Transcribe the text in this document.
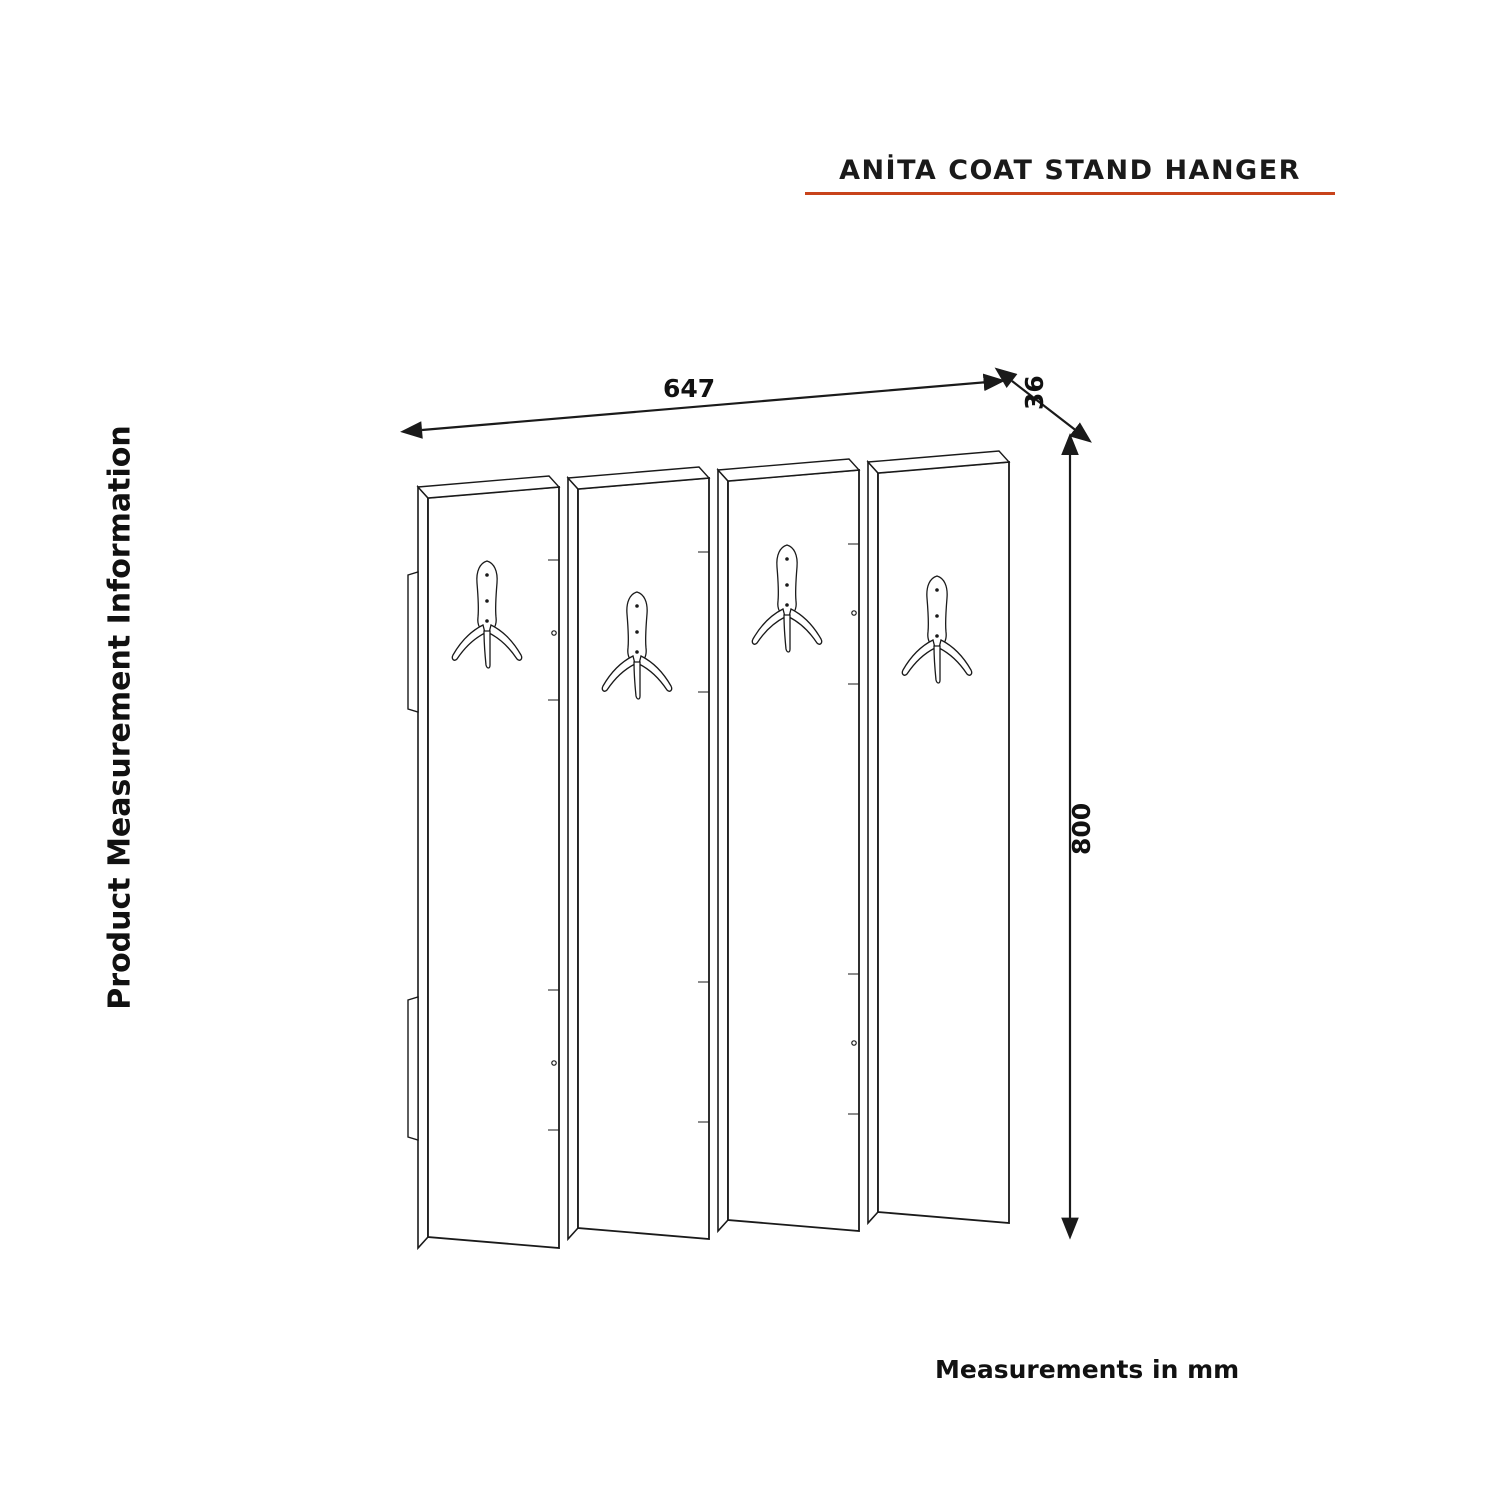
ANİTA COAT STAND HANGER
Product Measurement Information
Measurements in mm
647	36
800
